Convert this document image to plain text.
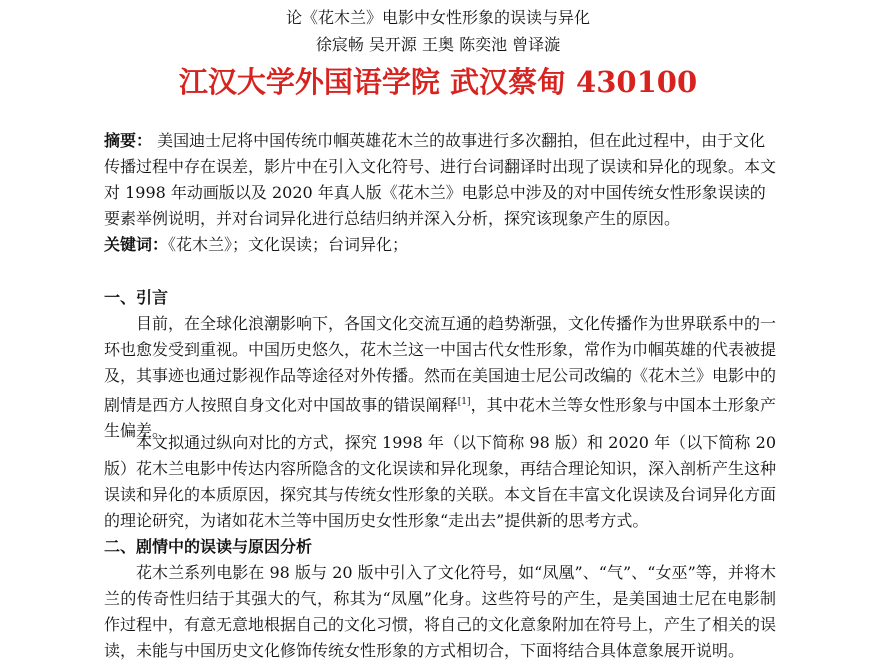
论《花木兰》电影中女性形象的误读与异化
徐宸畅 吴开源 王奥 陈奕池 曾译漩
江汉大学外国语学院 武汉蔡甸 430100
摘要： 美国迪士尼将中国传统巾帼英雄花木兰的故事进行多次翻拍，但在此过程中，由于文化传播过程中存在误差，影片中在引入文化符号、进行台词翻译时出现了误读和异化的现象。本文对 1998 年动画版以及 2020 年真人版《花木兰》电影总中涉及的对中国传统女性形象误读的要素举例说明，并对台词异化进行总结归纳并深入分析，探究该现象产生的原因。
关键词：《花木兰》；文化误读；台词异化；
一、引言
目前，在全球化浪潮影响下，各国文化交流互通的趋势渐强，文化传播作为世界联系中的一环也愈发受到重视。中国历史悠久，花木兰这一中国古代女性形象，常作为巾帼英雄的代表被提及，其事迹也通过影视作品等途径对外传播。然而在美国迪士尼公司改编的《花木兰》电影中的剧情是西方人按照自身文化对中国故事的错误阐释[1]，其中花木兰等女性形象与中国本土形象产生偏差。
本文拟通过纵向对比的方式，探究 1998 年（以下简称 98 版）和 2020 年（以下简称 20 版）花木兰电影中传达内容所隐含的文化误读和异化现象，再结合理论知识，深入剖析产生这种误读和异化的本质原因，探究其与传统女性形象的关联。本文旨在丰富文化误读及台词异化方面的理论研究，为诸如花木兰等中国历史女性形象“走出去”提供新的思考方式。
二、剧情中的误读与原因分析
花木兰系列电影在 98 版与 20 版中引入了文化符号，如“凤凰”、“气”、“女巫”等，并将木兰的传奇性归结于其强大的气，称其为“凤凰”化身。这些符号的产生，是美国迪士尼在电影制作过程中，有意无意地根据自己的文化习惯，将自己的文化意象附加在符号上，产生了相关的误读，未能与中国历史文化修饰传统女性形象的方式相切合，下面将结合具体意象展开说明。
